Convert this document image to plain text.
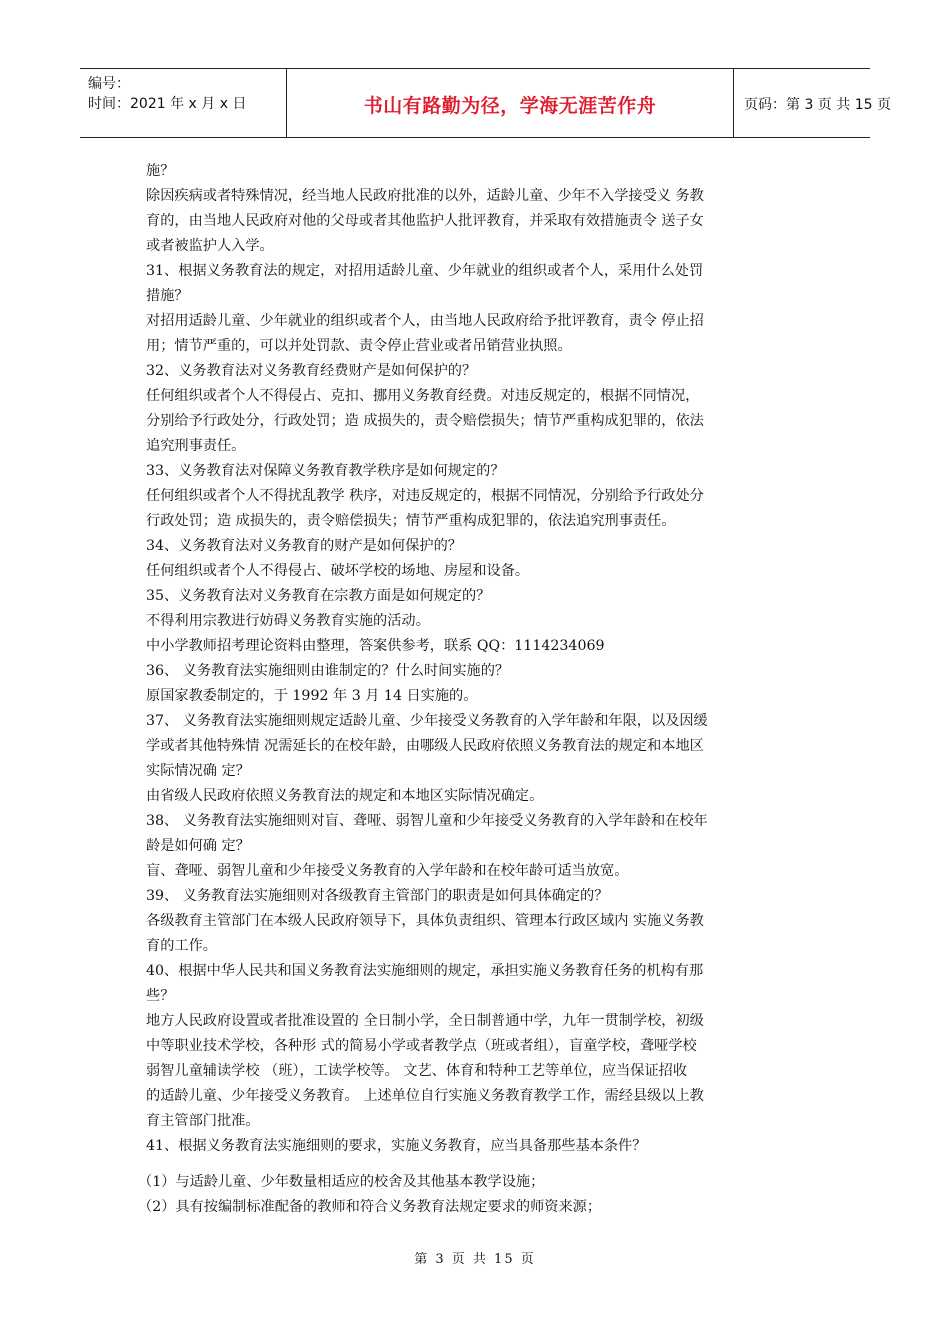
编号：
时间：2021 年 x 月 x 日	书山有路勤为径，学海无涯苦作舟	页码：第 3 页 共 15 页
施？
除因疾病或者特殊情况，经当地人民政府批准的以外，适龄儿童、少年不入学接受义 务教
育的，由当地人民政府对他的父母或者其他监护人批评教育，并采取有效措施责令 送子女
或者被监护人入学。
31、根据义务教育法的规定，对招用适龄儿童、少年就业的组织或者个人，采用什么处罚
措施？
对招用适龄儿童、少年就业的组织或者个人，由当地人民政府给予批评教育，责令 停止招
用；情节严重的，可以并处罚款、责令停止营业或者吊销营业执照。
32、义务教育法对义务教育经费财产是如何保护的？
任何组织或者个人不得侵占、克扣、挪用义务教育经费。对违反规定的，根据不同情况，
分别给予行政处分，行政处罚；造 成损失的，责令赔偿损失；情节严重构成犯罪的，依法
追究刑事责任。
33、义务教育法对保障义务教育教学秩序是如何规定的？
任何组织或者个人不得扰乱教学 秩序，对违反规定的，根据不同情况，分别给予行政处分
行政处罚；造 成损失的，责令赔偿损失；情节严重构成犯罪的，依法追究刑事责任。
34、义务教育法对义务教育的财产是如何保护的？
任何组织或者个人不得侵占、破坏学校的场地、房屋和设备。
35、义务教育法对义务教育在宗教方面是如何规定的？
不得利用宗教进行妨碍义务教育实施的活动。
中小学教师招考理论资料由整理，答案供参考，联系 QQ：1114234069
36、 义务教育法实施细则由谁制定的？什么时间实施的？
原国家教委制定的，于 1992 年 3 月 14 日实施的。
37、 义务教育法实施细则规定适龄儿童、少年接受义务教育的入学年龄和年限，以及因缓
学或者其他特殊情 况需延长的在校年龄，由哪级人民政府依照义务教育法的规定和本地区
实际情况确 定？
由省级人民政府依照义务教育法的规定和本地区实际情况确定。
38、 义务教育法实施细则对盲、聋哑、弱智儿童和少年接受义务教育的入学年龄和在校年
龄是如何确 定？
盲、聋哑、弱智儿童和少年接受义务教育的入学年龄和在校年龄可适当放宽。
39、 义务教育法实施细则对各级教育主管部门的职责是如何具体确定的？
各级教育主管部门在本级人民政府领导下，具体负责组织、管理本行政区域内 实施义务教
育的工作。
40、根据中华人民共和国义务教育法实施细则的规定，承担实施义务教育任务的机构有那
些？
地方人民政府设置或者批准设置的 全日制小学，全日制普通中学，九年一贯制学校，初级
中等职业技术学校，各种形 式的简易小学或者教学点（班或者组），盲童学校，聋哑学校
弱智儿童辅读学校 （班），工读学校等。 文艺、体育和特种工艺等单位，应当保证招收
的适龄儿童、少年接受义务教育。 上述单位自行实施义务教育教学工作，需经县级以上教
育主管部门批准。
41、根据义务教育法实施细则的要求，实施义务教育，应当具备那些基本条件？
（1）与适龄儿童、少年数量相适应的校舍及其他基本教学设施；
（2）具有按编制标准配备的教师和符合义务教育法规定要求的师资来源；
第 3 页 共 15 页
